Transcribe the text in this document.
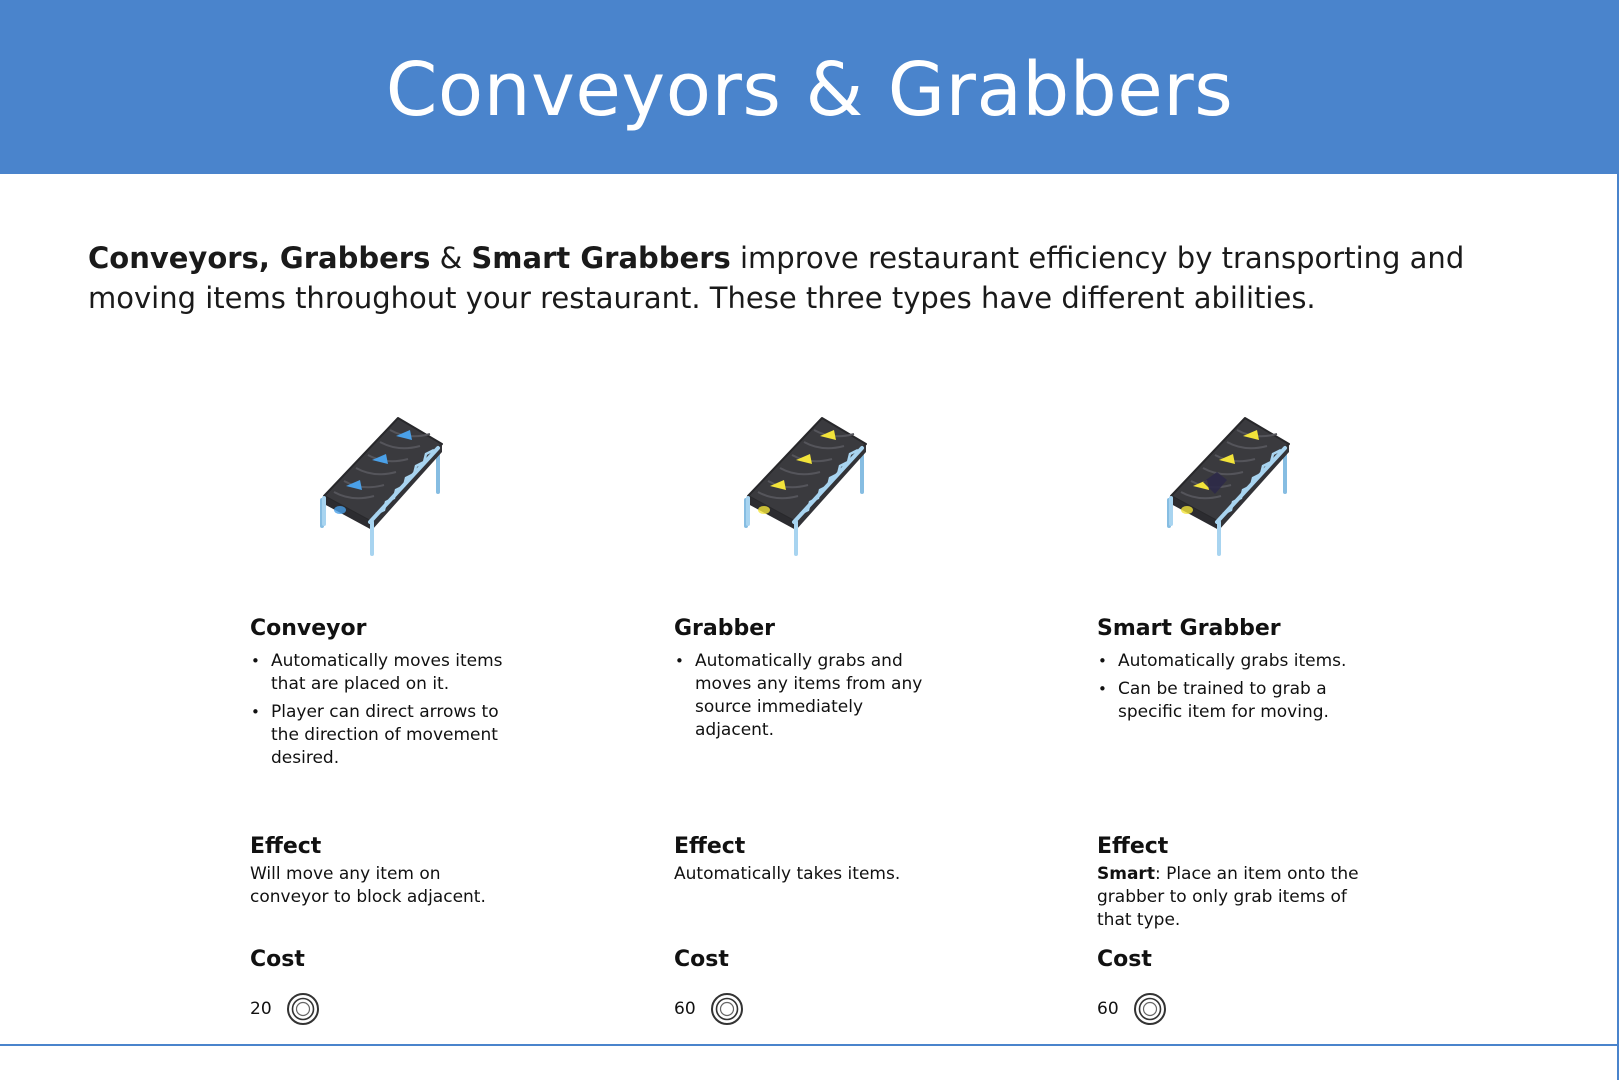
Conveyors & Grabbers

Conveyors, Grabbers & Smart Grabbers improve restaurant efficiency by transporting and moving items throughout your restaurant. These three types have different abilities.

Conveyor
• Automatically moves items that are placed on it.
• Player can direct arrows to the direction of movement desired.
Effect

Will move any item on conveyor to block adjacent.

Cost
20
Grabber
• Automatically grabs and moves any items from any source immediately adjacent.
Effect

Automatically takes items.

Cost
60
Smart Grabber
• Automatically grabs items.
• Can be trained to grab a specific item for moving.
Effect

Smart: Place an item onto the grabber to only grab items of that type.

Cost
60
